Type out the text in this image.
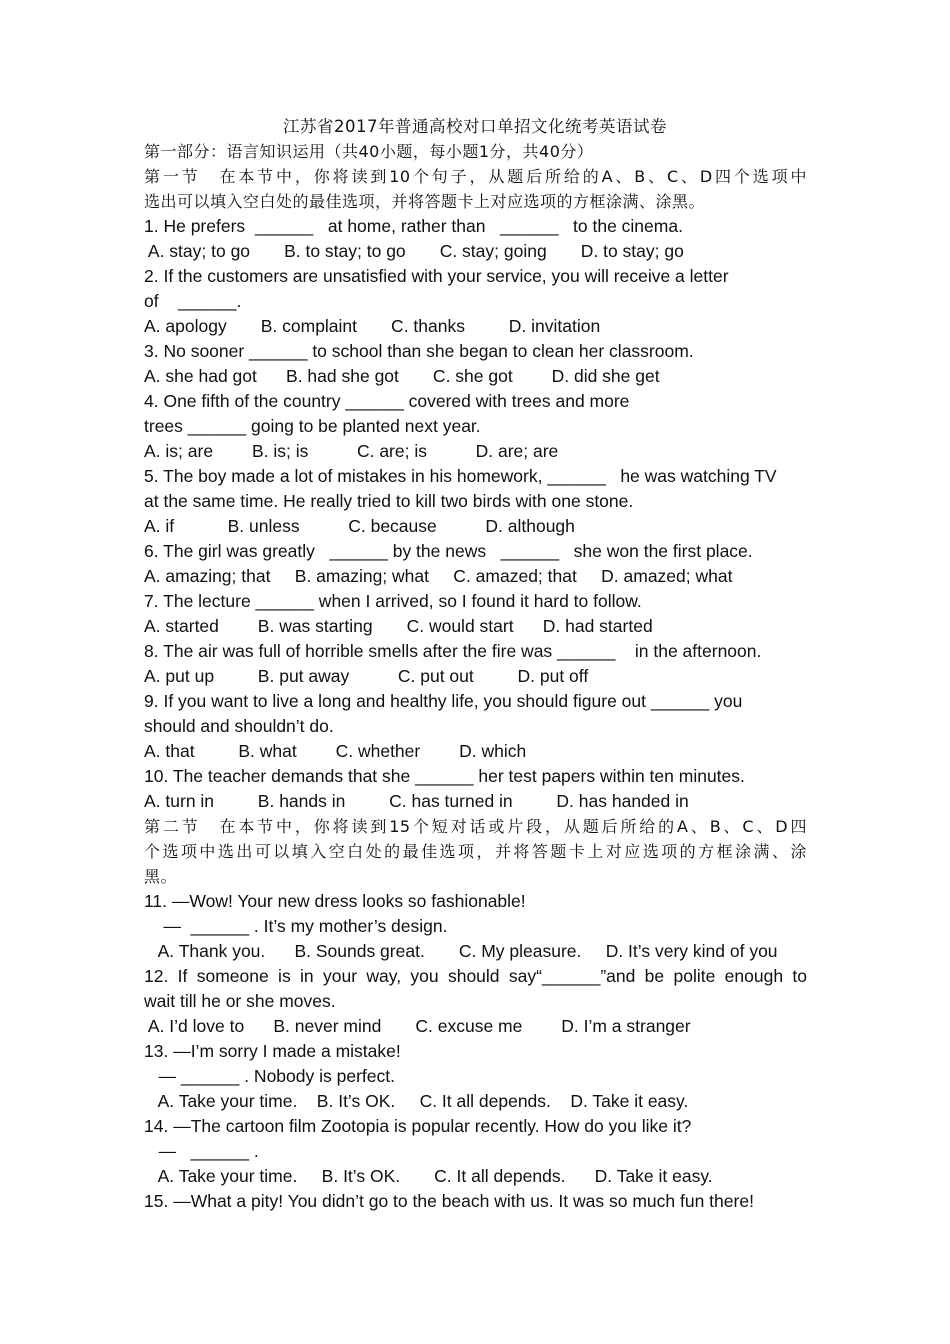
江苏省2017年普通高校对口单招文化统考英语试卷
第一部分：语言知识运用（共40小题，每小题1分，共40分）
第一节　在本节中，你将读到10个句子，从题后所给的A、B、C、D四个选项中
选出可以填入空白处的最佳选项，并将答题卡上对应选项的方框涂满、涂黑。
1. He prefers  ______   at home, rather than   ______   to the cinema.
A. stay; to go       B. to stay; to go       C. stay; going       D. to stay; go
2. If the customers are unsatisfied with your service, you will receive a letter
of    ______.
A. apology       B. complaint       C. thanks         D. invitation
3. No sooner ______ to school than she began to clean her classroom.
A. she had got      B. had she got       C. she got        D. did she get
4. One fifth of the country ______ covered with trees and more
trees ______ going to be planted next year.
A. is; are        B. is; is          C. are; is          D. are; are
5. The boy made a lot of mistakes in his homework, ______   he was watching TV
at the same time. He really tried to kill two birds with one stone.
A. if           B. unless          C. because          D. although
6. The girl was greatly   ______ by the news   ______   she won the first place.
A. amazing; that     B. amazing; what     C. amazed; that     D. amazed; what
7. The lecture ______ when I arrived, so I found it hard to follow.
A. started        B. was starting       C. would start      D. had started
8. The air was full of horrible smells after the fire was ______    in the afternoon.
A. put up         B. put away          C. put out         D. put off
9. If you want to live a long and healthy life, you should figure out ______ you
should and shouldn’t do.
A. that         B. what        C. whether        D. which
10. The teacher demands that she ______ her test papers within ten minutes.
A. turn in         B. hands in         C. has turned in         D. has handed in
第二节　在本节中，你将读到15个短对话或片段，从题后所给的A、B、C、D四
个选项中选出可以填入空白处的最佳选项，并将答题卡上对应选项的方框涂满、涂
黑。
11. —Wow! Your new dress looks so fashionable!
—  ______ . It’s my mother’s design.
A. Thank you.      B. Sounds great.       C. My pleasure.     D. It’s very kind of you
12. If someone is in your way, you should say“______”and be polite enough to
wait till he or she moves.
A. I’d love to      B. never mind       C. excuse me        D. I’m a stranger
13. —I’m sorry I made a mistake!
— ______ . Nobody is perfect.
A. Take your time.    B. It’s OK.     C. It all depends.    D. Take it easy.
14. —The cartoon film Zootopia is popular recently. How do you like it?
—   ______ .
A. Take your time.     B. It’s OK.       C. It all depends.      D. Take it easy.
15. —What a pity! You didn’t go to the beach with us. It was so much fun there!
